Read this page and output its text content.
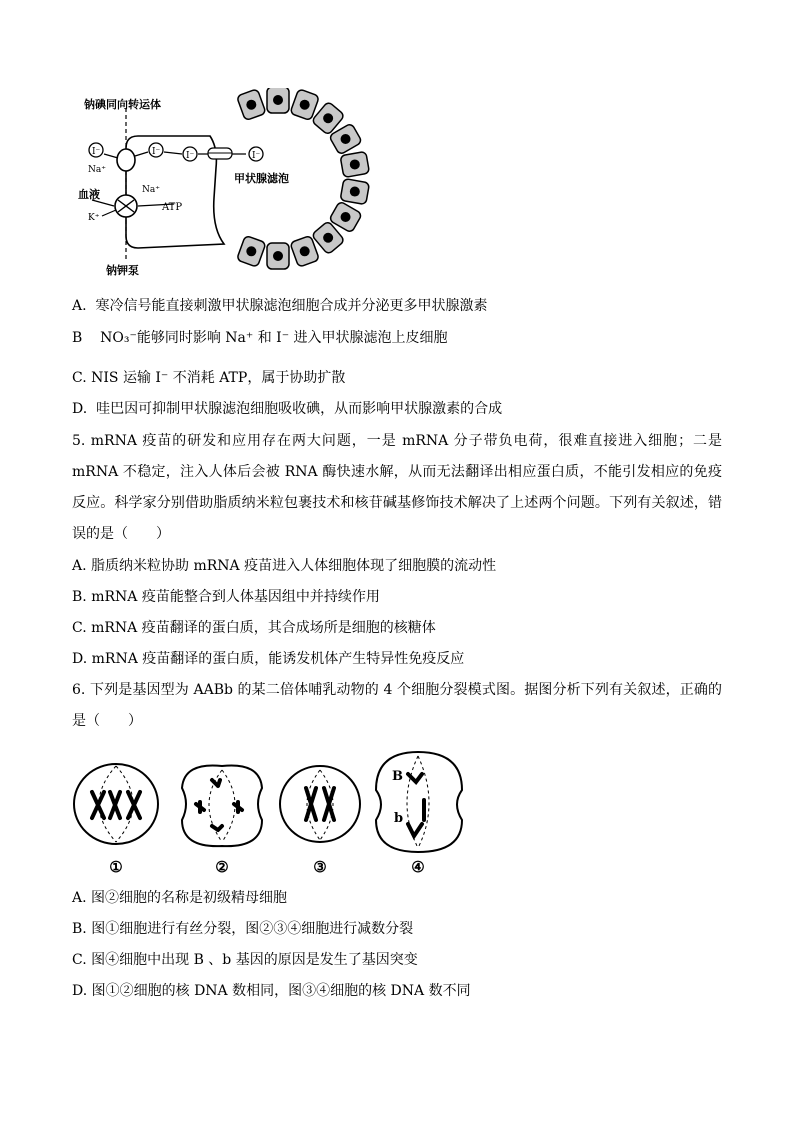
I⁻	I⁻	I⁻	I⁻
钠碘同向转运体
Na⁺
Na⁺
血液
K⁺
ATP
甲状腺滤泡
钠钾泵
A. 寒冷信号能直接刺激甲状腺滤泡细胞合成并分泌更多甲状腺激素
B NO₃⁻能够同时影响 Na⁺ 和 I⁻ 进入甲状腺滤泡上皮细胞
C. NIS 运输 I⁻ 不消耗 ATP，属于协助扩散
D. 哇巴因可抑制甲状腺滤泡细胞吸收碘，从而影响甲状腺激素的合成
5. mRNA 疫苗的研发和应用存在两大问题，一是 mRNA 分子带负电荷，很难直接进入细胞；二是 mRNA 不稳定，注入人体后会被 RNA 酶快速水解，从而无法翻译出相应蛋白质，不能引发相应的免疫反应。科学家分别借助脂质纳米粒包裹技术和核苷碱基修饰技术解决了上述两个问题。下列有关叙述，错误的是（　　）
A. 脂质纳米粒协助 mRNA 疫苗进入人体细胞体现了细胞膜的流动性
B. mRNA 疫苗能整合到人体基因组中并持续作用
C. mRNA 疫苗翻译的蛋白质，其合成场所是细胞的核糖体
D. mRNA 疫苗翻译的蛋白质，能诱发机体产生特异性免疫反应
6. 下列是基因型为 AABb 的某二倍体哺乳动物的 4 个细胞分裂模式图。据图分析下列有关叙述，正确的是（　　）
B
b
①	②	③	④
A. 图②细胞的名称是初级精母细胞
B. 图①细胞进行有丝分裂，图②③④细胞进行减数分裂
C. 图④细胞中出现 B 、b 基因的原因是发生了基因突变
D. 图①②细胞的核 DNA 数相同，图③④细胞的核 DNA 数不同
